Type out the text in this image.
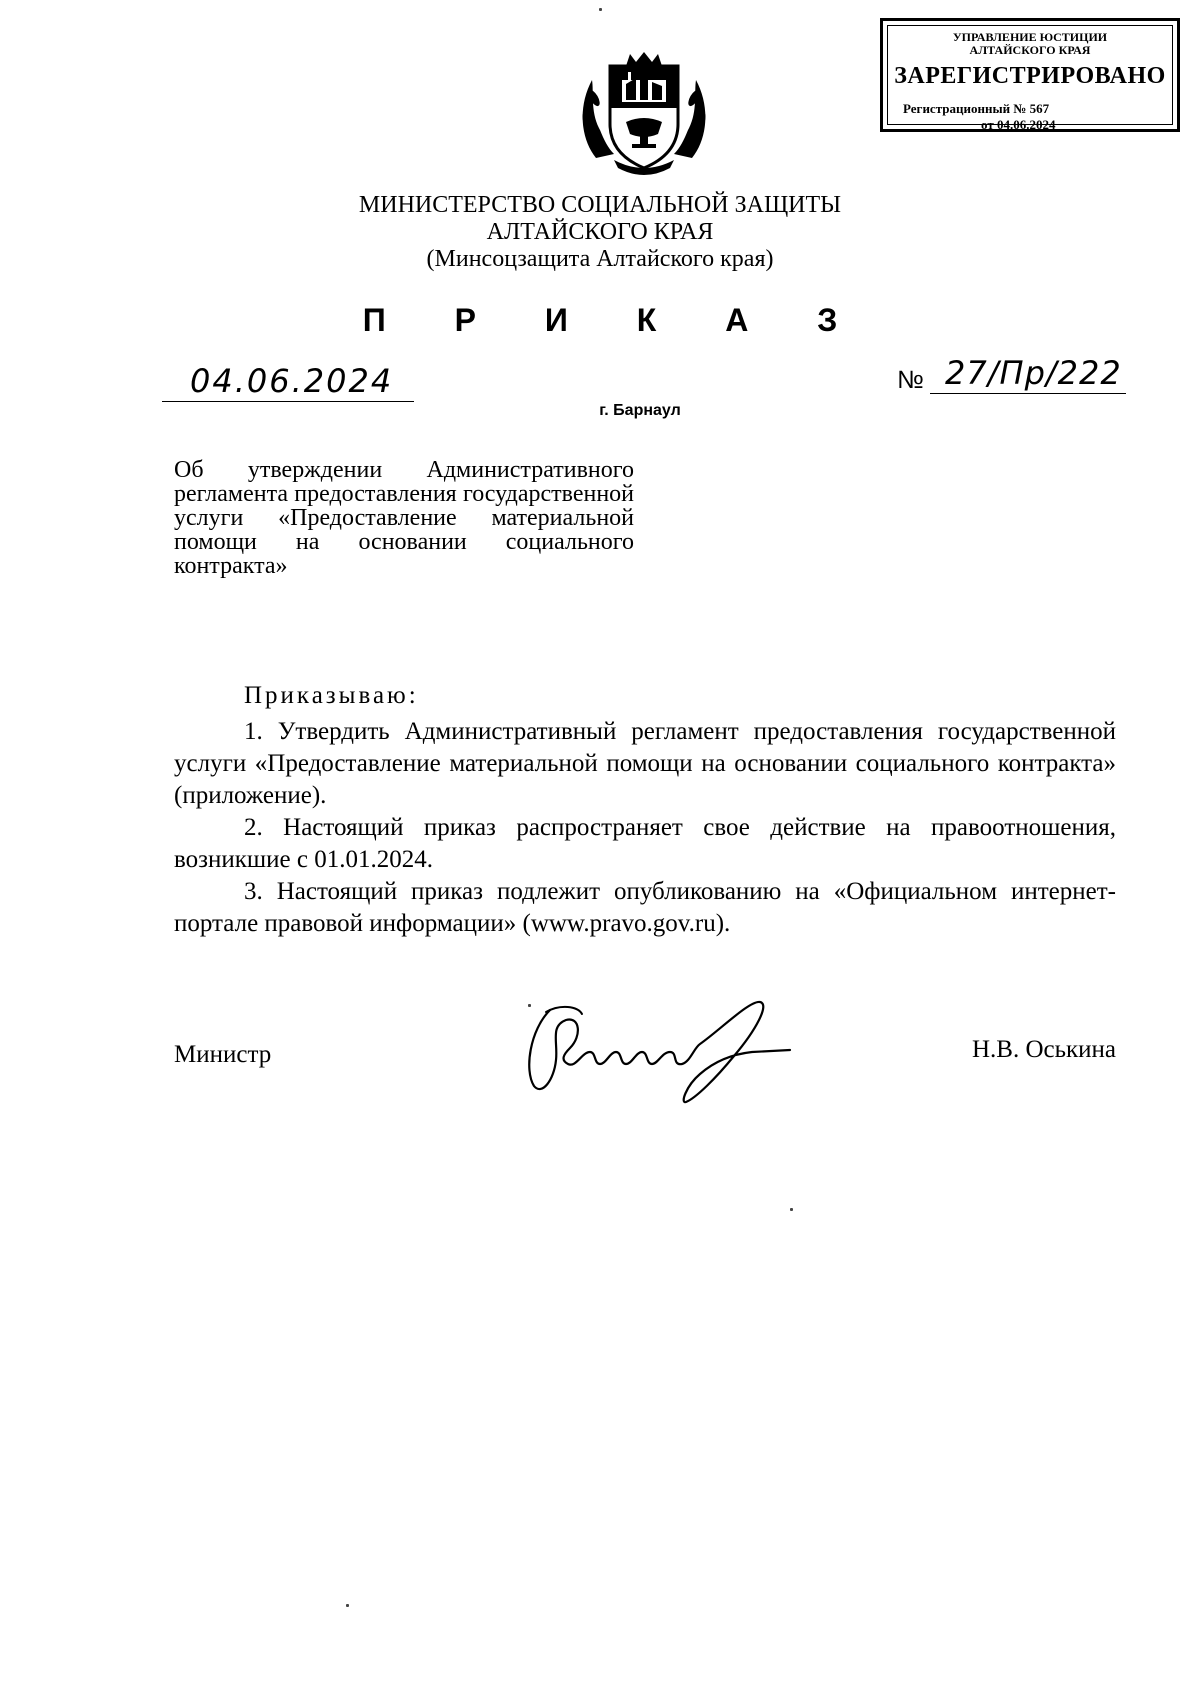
УПРАВЛЕНИЕ ЮСТИЦИИ
АЛТАЙСКОГО КРАЯ
ЗАРЕГИСТРИРОВАНО
Регистрационный № 567
от 04.06.2024
МИНИСТЕРСТВО СОЦИАЛЬНОЙ ЗАЩИТЫ
АЛТАЙСКОГО КРАЯ
(Минсоцзащита Алтайского края)
П Р И К А З
04.06.2024	№ 27/Пр/222
г. Барнаул
Об утверждении Административного регламента предоставления государственной услуги «Предоставление материальной помощи на основании социального контракта»
Приказываю:

1. Утвердить Административный регламент предоставления государственной услуги «Предоставление материальной помощи на основании социального контракта» (приложение).

2. Настоящий приказ распространяет свое действие на правоотношения, возникшие с 01.01.2024.

3. Настоящий приказ подлежит опубликованию на «Официальном интернет-портале правовой информации» (www.pravo.gov.ru).

Министр	Н.В. Оськина
